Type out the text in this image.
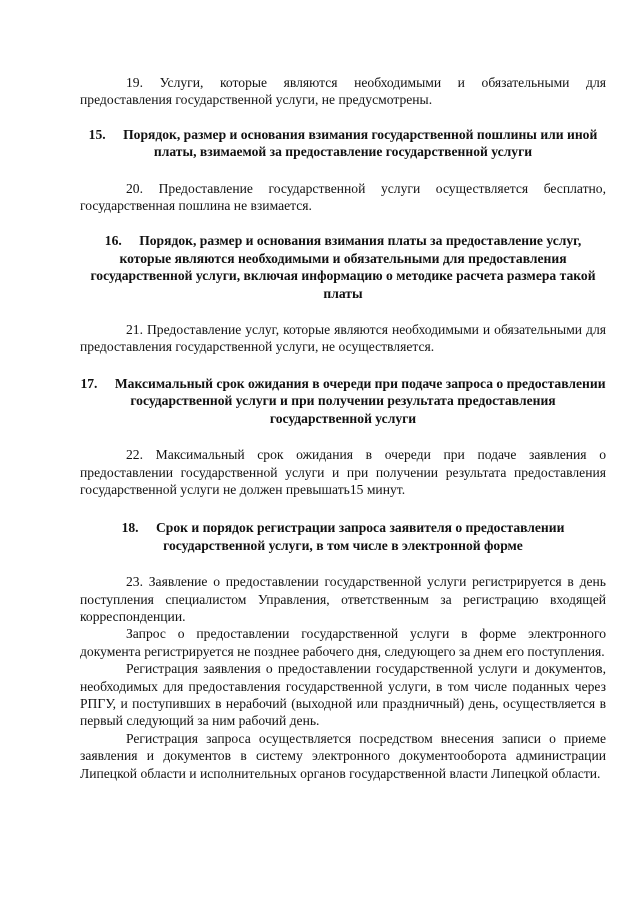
19. Услуги, которые являются необходимыми и обязательными для предоставления государственной услуги, не предусмотрены.

15. Порядок, размер и основания взимания государственной пошлины или иной платы, взимаемой за предоставление государственной услуги

20. Предоставление государственной услуги осуществляется бесплатно, государственная пошлина не взимается.

16. Порядок, размер и основания взимания платы за предоставление услуг, которые являются необходимыми и обязательными для предоставления государственной услуги, включая информацию о методике расчета размера такой платы

21. Предоставление услуг, которые являются необходимыми и обязательными для предоставления государственной услуги, не осуществляется.

17. Максимальный срок ожидания в очереди при подаче запроса о предоставлении государственной услуги и при получении результата предоставления государственной услуги

22. Максимальный срок ожидания в очереди при подаче заявления о предоставлении государственной услуги и при получении результата предоставления государственной услуги не должен превышать15 минут.

18. Срок и порядок регистрации запроса заявителя о предоставлении государственной услуги, в том числе в электронной форме

23. Заявление о предоставлении государственной услуги регистрируется в день поступления специалистом Управления, ответственным за регистрацию входящей корреспонденции.

Запрос о предоставлении государственной услуги в форме электронного документа регистрируется не позднее рабочего дня, следующего за днем его поступления.

Регистрация заявления о предоставлении государственной услуги и документов, необходимых для предоставления государственной услуги, в том числе поданных через РПГУ, и поступивших в нерабочий (выходной или праздничный) день, осуществляется в первый следующий за ним рабочий день.

Регистрация запроса осуществляется посредством внесения записи о приеме заявления и документов в систему электронного документооборота администрации Липецкой области и исполнительных органов государственной власти Липецкой области.
